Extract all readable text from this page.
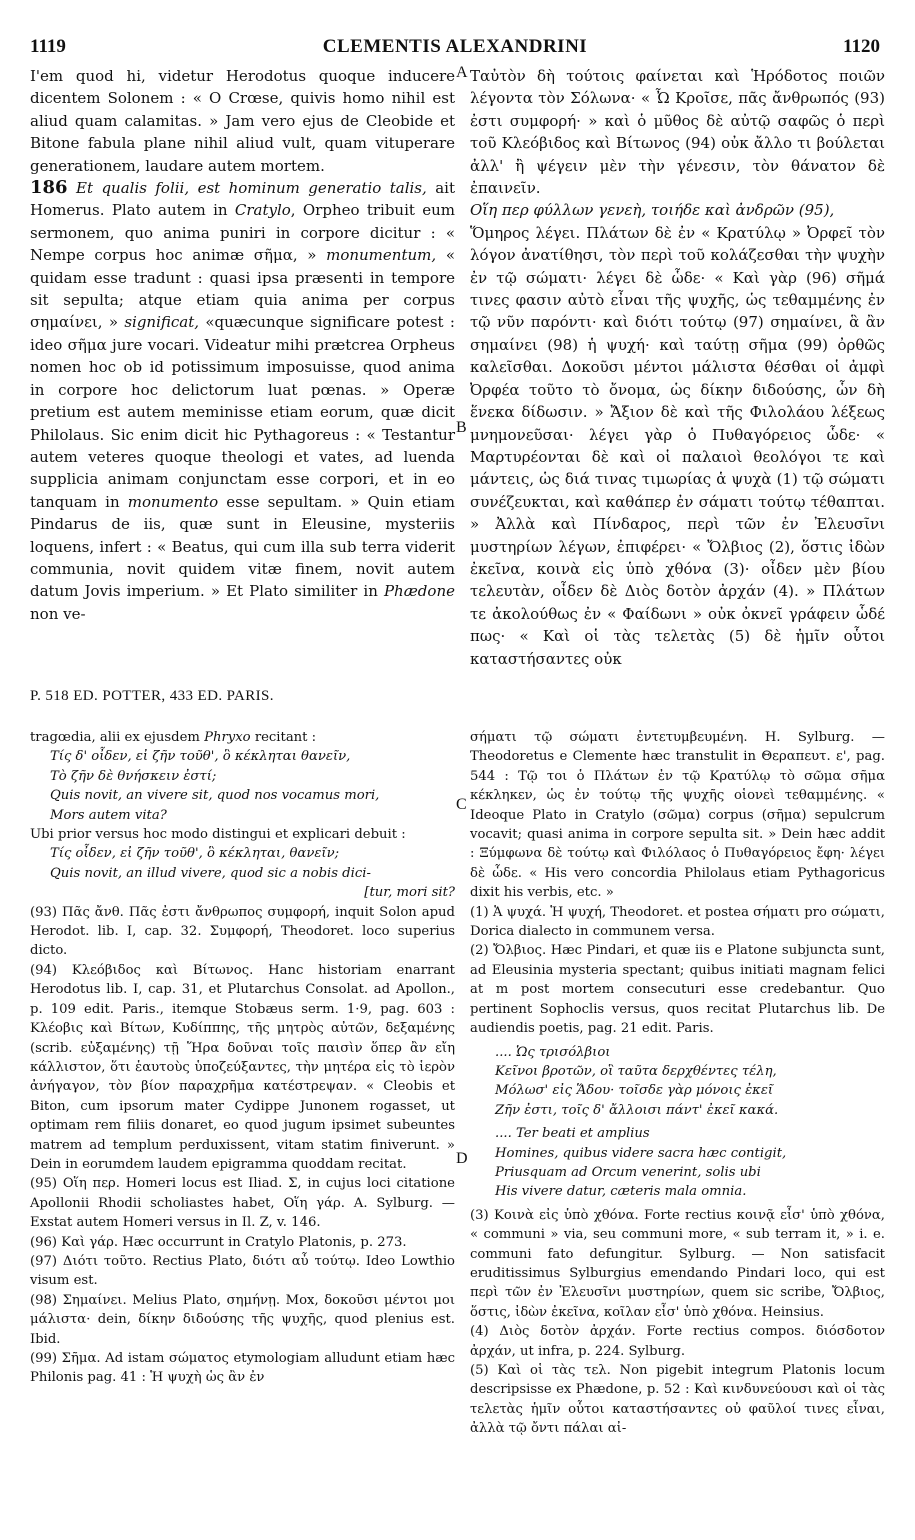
1119	CLEMENTIS ALEXANDRINI	1120
A
B
C
D

I'em quod hi, videtur Herodotus quoque inducere dicentem Solonem : « O Crœse, quivis homo nihil est aliud quam calamitas. » Jam vero ejus de Cleobide et Bitone fabula plane nihil aliud vult, quam vituperare generationem, laudare autem mortem.

186 Et qualis folii, est hominum generatio talis, ait Homerus. Plato autem in Cratylo, Orpheo tribuit eum sermonem, quo anima puniri in corpore dicitur : « Nempe corpus hoc animæ σῆμα, » monumentum, « quidam esse tradunt : quasi ipsa præsenti in tempore sit sepulta; atque etiam quia anima per corpus σημαίνει, » significat, «quæcunque significare potest : ideo σῆμα jure vocari. Videatur mihi prætcrea Orpheus nomen hoc ob id potissimum imposuisse, quod anima in corpore hoc delictorum luat pœnas. » Operæ pretium est autem meminisse etiam eorum, quæ dicit Philolaus. Sic enim dicit hic Pythagoreus : « Testantur autem veteres quoque theologi et vates, ad luenda supplicia animam conjunctam esse corpori, et in eo tanquam in monumento esse sepultam. » Quin etiam Pindarus de iis, quæ sunt in Eleusine, mysteriis loquens, infert : « Beatus, qui cum illa sub terra viderit communia, novit quidem vitæ finem, novit autem datum Jovis imperium. » Et Plato similiter in Phædone non ve-

Ταὐτὸν δὴ τούτοις φαίνεται καὶ Ἡρόδοτος ποιῶν λέγοντα τὸν Σόλωνα· « Ὦ Κροῖσε, πᾶς ἄνθρωπός (93) ἐστι συμφορή· » καὶ ὁ μῦθος δὲ αὐτῷ σαφῶς ὁ περὶ τοῦ Κλεόβιδος καὶ Βίτωνος (94) οὐκ ἄλλο τι βούλεται ἀλλ' ἢ ψέγειν μὲν τὴν γένεσιν, τὸν θάνατον δὲ ἐπαινεῖν.

Οἵη περ φύλλων γενεὴ, τοιήδε καὶ ἀνδρῶν (95),

Ὅμηρος λέγει. Πλάτων δὲ ἐν « Κρατύλῳ » Ὀρφεῖ τὸν λόγον ἀνατίθησι, τὸν περὶ τοῦ κολάζεσθαι τὴν ψυχὴν ἐν τῷ σώματι· λέγει δὲ ὧδε· « Καὶ γὰρ (96) σῆμά τινες φασιν αὐτὸ εἶναι τῆς ψυχῆς, ὡς τεθαμμένης ἐν τῷ νῦν παρόντι· καὶ διότι τούτῳ (97) σημαίνει, ἃ ἂν σημαίνει (98) ἡ ψυχή· καὶ ταύτῃ σῆμα (99) ὀρθῶς καλεῖσθαι. Δοκοῦσι μέντοι μάλιστα θέσθαι οἱ ἀμφὶ Ὀρφέα τοῦτο τὸ ὄνομα, ὡς δίκην διδούσης, ὧν δὴ ἕνεκα δίδωσιν. » Ἄξιον δὲ καὶ τῆς Φιλολάου λέξεως μνημονεῦσαι· λέγει γὰρ ὁ Πυθαγόρειος ὧδε· « Μαρτυρέονται δὲ καὶ οἱ παλαιοὶ θεολόγοι τε καὶ μάντεις, ὡς διά τινας τιμωρίας ἁ ψυχὰ (1) τῷ σώματι συνέζευκται, καὶ καθάπερ ἐν σάματι τούτῳ τέθαπται. » Ἀλλὰ καὶ Πίνδαρος, περὶ τῶν ἐν Ἐλευσῖνι μυστηρίων λέγων, ἐπιφέρει· « Ὄλβιος (2), ὅστις ἰδὼν ἐκεῖνα, κοινὰ εἰς ὑπὸ χθόνα (3)· οἶδεν μὲν βίου τελευτὰν, οἶδεν δὲ Διὸς δοτὸν ἀρχάν (4). » Πλάτων τε ἀκολούθως ἐν « Φαίδωνι » οὐκ ὀκνεῖ γράφειν ὧδέ πως· « Καὶ οἱ τὰς τελετὰς (5) δὲ ἡμῖν οὗτοι καταστήσαντες οὐκ

P. 518 ED. POTTER, 433 ED. PARIS.

tragœdia, alii ex ejusdem Phryxo recitant :

Τίς δ' οἶδεν, εἰ ζῆν τοῦθ', ὃ κέκληται θανεῖν,

Τὸ ζῆν δὲ θνήσκειν ἐστί;

Quis novit, an vivere sit, quod nos vocamus mori,

Mors autem vita?

Ubi prior versus hoc modo distingui et explicari debuit :

Τίς οἶδεν, εἰ ζῆν τοῦθ', ὃ κέκληται, θανεῖν;

Quis novit, an illud vivere, quod sic a nobis dici-

[tur, mori sit?

(93) Πᾶς ἄνθ. Πᾶς ἐστι ἄνθρωπος συμφορή, inquit Solon apud Herodot. lib. I, cap. 32. Συμφορή, Theodoret. loco superius dicto.

(94) Κλεόβιδος καὶ Βίτωνος. Hanc historiam enarrant Herodotus lib. I, cap. 31, et Plutarchus Consolat. ad Apollon., p. 109 edit. Paris., itemque Stobæus serm. 1·9, pag. 603 : Κλέοβις καὶ Βίτων, Κυδίππης, τῆς μητρὸς αὐτῶν, δεξαμένης (scrib. εὐξαμένης) τῇ Ἥρα δοῦναι τοῖς παισὶν ὅπερ ἂν εἴη κάλλιστον, ὅτι ἑαυτοὺς ὑποζεύξαντες, τὴν μητέρα εἰς τὸ ἱερὸν ἀνήγαγον, τὸν βίον παραχρῆμα κατέστρεψαν. « Cleobis et Biton, cum ipsorum mater Cydippe Junonem rogasset, ut optimam rem filiis donaret, eo quod jugum ipsimet subeuntes matrem ad templum perduxissent, vitam statim finiverunt. » Dein in eorumdem laudem epigramma quoddam recitat.

(95) Οἵη περ. Homeri locus est Iliad. Σ, in cujus loci citatione Apollonii Rhodii scholiastes habet, Οἵη γάρ. A. Sylburg. — Exstat autem Homeri versus in Il. Z, v. 146.

(96) Καὶ γάρ. Hæc occurrunt in Cratylo Platonis, p. 273.

(97) Διότι τοῦτο. Rectius Plato, διότι αὖ τούτῳ. Ideo Lowthio visum est.

(98) Σημαίνει. Melius Plato, σημήνῃ. Mox, δοκοῦσι μέντοι μοι μάλιστα· dein, δίκην διδούσης τῆς ψυχῆς, quod plenius est. Ibid.

(99) Σῆμα. Ad istam σώματος etymologiam alludunt etiam hæc Philonis pag. 41 : Ἡ ψυχὴ ὡς ἂν ἐν

σήματι τῷ σώματι ἐντετυμβευμένη. H. Sylburg. — Theodoretus e Clemente hæc transtulit in Θεραπευτ. ε', pag. 544 : Τῷ τοι ὁ Πλάτων ἐν τῷ Κρατύλῳ τὸ σῶμα σῆμα κέκληκεν, ὡς ἐν τούτῳ τῆς ψυχῆς οἱονεὶ τεθαμμένης. « Ideoque Plato in Cratylo (σῶμα) corpus (σῆμα) sepulcrum vocavit; quasi anima in corpore sepulta sit. » Dein hæc addit : Ξύμφωνα δὲ τούτῳ καὶ Φιλόλαος ὁ Πυθαγόρειος ἔφη· λέγει δὲ ὧδε. « His vero concordia Philolaus etiam Pythagoricus dixit his verbis, etc. »

(1) Ἁ ψυχά. Ἡ ψυχή, Theodoret. et postea σήματι pro σώματι, Dorica dialecto in communem versa.

(2) Ὄλβιος. Hæc Pindari, et quæ iis e Platone subjuncta sunt, ad Eleusinia mysteria spectant; quibus initiati magnam felici at m post mortem consecuturi esse credebantur. Quo pertinent Sophoclis versus, quos recitat Plutarchus lib. De audiendis poetis, pag. 21 edit. Paris.

.... Ὡς τρισόλβιοι

Κεῖνοι βροτῶν, οἳ ταῦτα δερχθέντες τέλη,

Μόλωσ' εἰς Ἅδου· τοῖσδε γὰρ μόνοις ἐκεῖ

Ζῆν ἐστι, τοῖς δ' ἄλλοισι πάντ' ἐκεῖ κακά.

.... Ter beati et amplius

Homines, quibus videre sacra hæc contigit,

Priusquam ad Orcum venerint, solis ubi

His vivere datur, cæteris mala omnia.

(3) Κοινὰ εἰς ὑπὸ χθόνα. Forte rectius κοινᾷ εἶσ' ὑπὸ χθόνα, « communi » via, seu communi more, « sub terram it, » i. e. communi fato defungitur. Sylburg. — Non satisfacit eruditissimus Sylburgius emendando Pindari loco, qui est περὶ τῶν ἐν Ἐλευσῖνι μυστηρίων, quem sic scribe, Ὄλβιος, ὅστις, ἰδὼν ἐκεῖνα, κοῖλαν εἶσ' ὑπὸ χθόνα. Heinsius.

(4) Διὸς δοτὸν ἀρχάν. Forte rectius compos. διόσδοτον ἀρχάν, ut infra, p. 224. Sylburg.

(5) Καὶ οἱ τὰς τελ. Non pigebit integrum Platonis locum descripsisse ex Phædone, p. 52 : Καὶ κινδυνεύουσι καὶ οἱ τὰς τελετὰς ἡμῖν οὗτοι καταστήσαντες οὐ φαῦλοί τινες εἶναι, ἀλλὰ τῷ ὄντι πάλαι αἰ-
